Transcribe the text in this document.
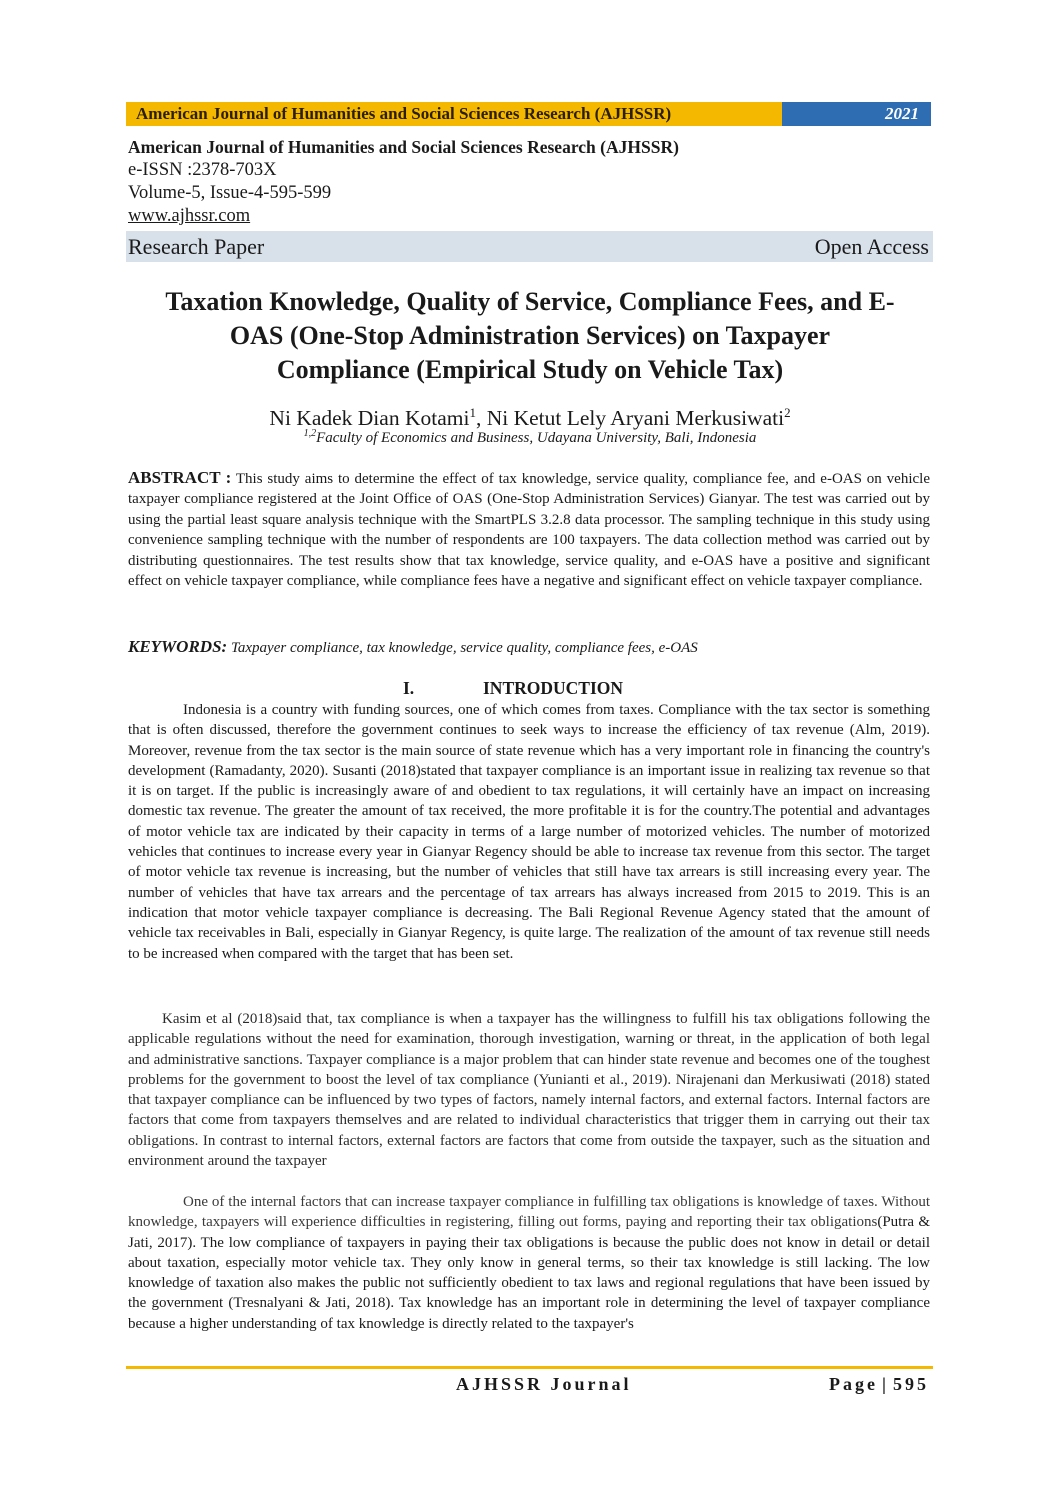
American Journal of Humanities and Social Sciences Research (AJHSSR)	2021
American Journal of Humanities and Social Sciences Research (AJHSSR)
e-ISSN :2378-703X
Volume-5, Issue-4-595-599
www.ajhssr.com
Research Paper	Open Access
Taxation Knowledge, Quality of Service, Compliance Fees, and E-
OAS (One-Stop Administration Services) on Taxpayer
Compliance (Empirical Study on Vehicle Tax)
Ni Kadek Dian Kotami$^1$, Ni Ketut Lely Aryani Merkusiwati$^2$
$^{1,2}$Faculty of Economics and Business, Udayana University, Bali, Indonesia
ABSTRACT : This study aims to determine the effect of tax knowledge, service quality, compliance fee, and e-OAS on vehicle taxpayer compliance registered at the Joint Office of OAS (One-Stop Administration Services) Gianyar. The test was carried out by using the partial least square analysis technique with the SmartPLS 3.2.8 data processor. The sampling technique in this study using convenience sampling technique with the number of respondents are 100 taxpayers. The data collection method was carried out by distributing questionnaires. The test results show that tax knowledge, service quality, and e-OAS have a positive and significant effect on vehicle taxpayer compliance, while compliance fees have a negative and significant effect on vehicle taxpayer compliance.
KEYWORDS: Taxpayer compliance, tax knowledge, service quality, compliance fees, e-OAS
I.	INTRODUCTION
Indonesia is a country with funding sources, one of which comes from taxes. Compliance with the tax sector is something that is often discussed, therefore the government continues to seek ways to increase the efficiency of tax revenue (Alm, 2019). Moreover, revenue from the tax sector is the main source of state revenue which has a very important role in financing the country's development (Ramadanty, 2020). Susanti (2018)stated that taxpayer compliance is an important issue in realizing tax revenue so that it is on target. If the public is increasingly aware of and obedient to tax regulations, it will certainly have an impact on increasing domestic tax revenue. The greater the amount of tax received, the more profitable it is for the country.The potential and advantages of motor vehicle tax are indicated by their capacity in terms of a large number of motorized vehicles. The number of motorized vehicles that continues to increase every year in Gianyar Regency should be able to increase tax revenue from this sector. The target of motor vehicle tax revenue is increasing, but the number of vehicles that still have tax arrears is still increasing every year. The number of vehicles that have tax arrears and the percentage of tax arrears has always increased from 2015 to 2019. This is an indication that motor vehicle taxpayer compliance is decreasing. The Bali Regional Revenue Agency stated that the amount of vehicle tax receivables in Bali, especially in Gianyar Regency, is quite large. The realization of the amount of tax revenue still needs to be increased when compared with the target that has been set.
Kasim et al (2018)said that, tax compliance is when a taxpayer has the willingness to fulfill his tax obligations following the applicable regulations without the need for examination, thorough investigation, warning or threat, in the application of both legal and administrative sanctions. Taxpayer compliance is a major problem that can hinder state revenue and becomes one of the toughest problems for the government to boost the level of tax compliance (Yunianti et al., 2019). Nirajenani dan Merkusiwati (2018) stated that taxpayer compliance can be influenced by two types of factors, namely internal factors, and external factors. Internal factors are factors that come from taxpayers themselves and are related to individual characteristics that trigger them in carrying out their tax obligations. In contrast to internal factors, external factors are factors that come from outside the taxpayer, such as the situation and environment around the taxpayer
One of the internal factors that can increase taxpayer compliance in fulfilling tax obligations is knowledge of taxes. Without knowledge, taxpayers will experience difficulties in registering, filling out forms, paying and reporting their tax obligations(Putra & Jati, 2017). The low compliance of taxpayers in paying their tax obligations is because the public does not know in detail or detail about taxation, especially motor vehicle tax. They only know in general terms, so their tax knowledge is still lacking. The low knowledge of taxation also makes the public not sufficiently obedient to tax laws and regional regulations that have been issued by the government (Tresnalyani & Jati, 2018). Tax knowledge has an important role in determining the level of taxpayer compliance because a higher understanding of tax knowledge is directly related to the taxpayer's
AJHSSR Journal	Page | 595
